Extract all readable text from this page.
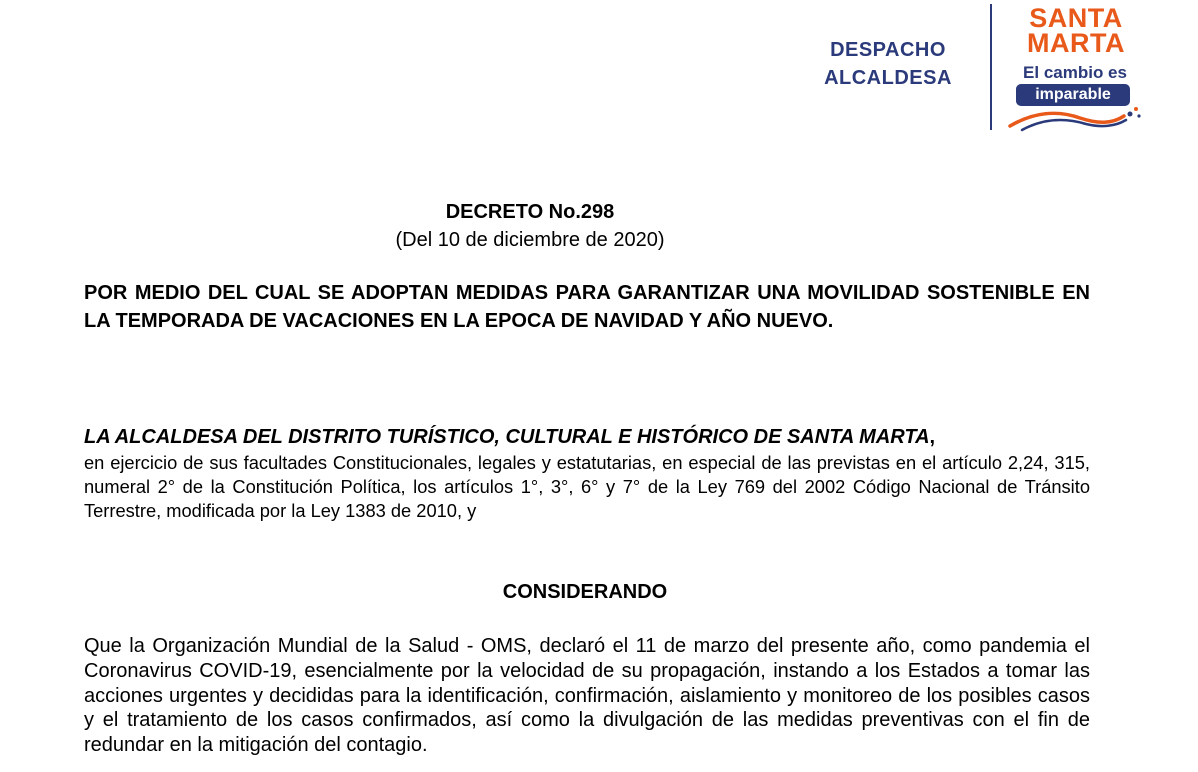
DESPACHO
ALCALDESA
SANTA
MARTA
El cambio es
imparable
DECRETO No.298
(Del 10 de diciembre de 2020)
POR MEDIO DEL CUAL SE ADOPTAN MEDIDAS PARA GARANTIZAR UNA MOVILIDAD SOSTENIBLE EN LA TEMPORADA DE VACACIONES EN LA EPOCA DE NAVIDAD Y AÑO NUEVO.
LA ALCALDESA DEL DISTRITO TURÍSTICO, CULTURAL E HISTÓRICO DE SANTA MARTA,
en ejercicio de sus facultades Constitucionales, legales y estatutarias, en especial de las previstas en el artículo 2,24, 315, numeral 2° de la Constitución Política, los artículos 1°, 3°, 6° y 7° de la Ley 769 del 2002 Código Nacional de Tránsito Terrestre, modificada por la Ley 1383 de 2010, y
CONSIDERANDO
Que la Organización Mundial de la Salud - OMS, declaró el 11 de marzo del presente año, como pandemia el Coronavirus COVID-19, esencialmente por la velocidad de su propagación, instando a los Estados a tomar las acciones urgentes y decididas para la identificación, confirmación, aislamiento y monitoreo de los posibles casos y el tratamiento de los casos confirmados, así como la divulgación de las medidas preventivas con el fin de redundar en la mitigación del contagio.
